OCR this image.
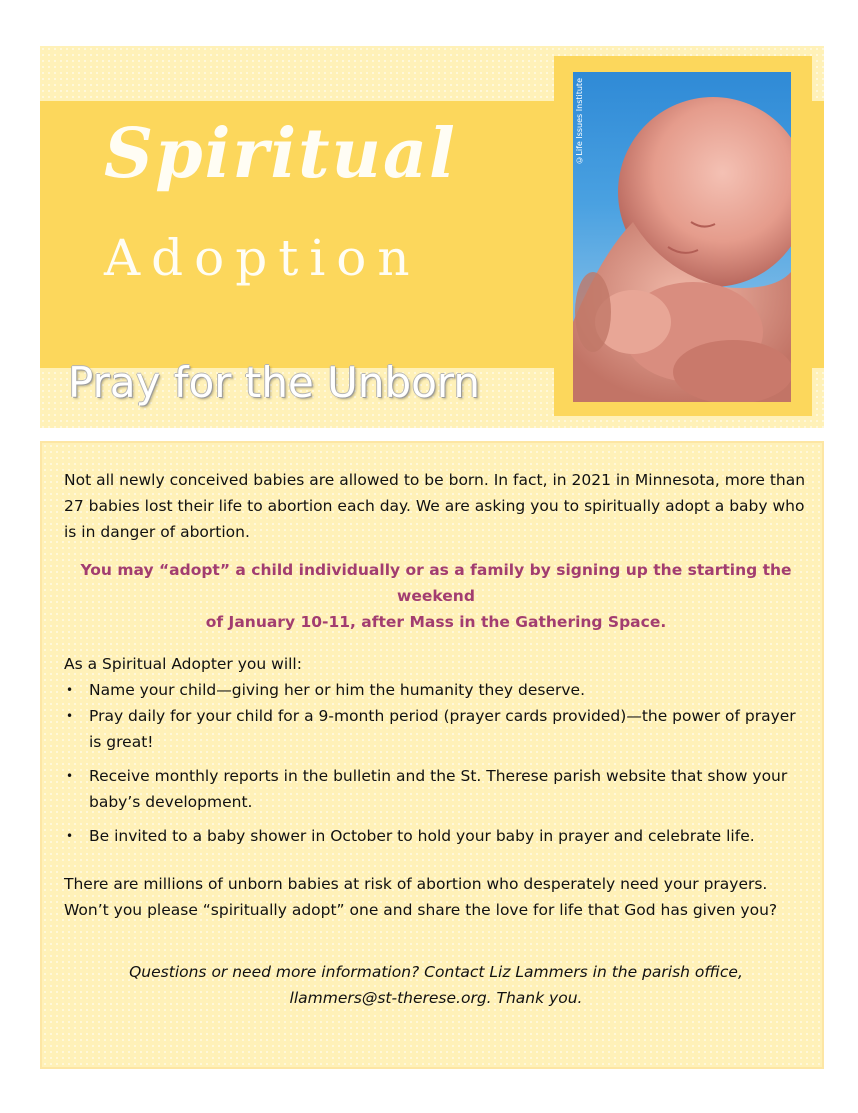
Spiritual
Adoption
Pray for the Unborn
©Life Issues Institute

Not all newly conceived babies are allowed to be born. In fact, in 2021 in Minnesota, more than 27 babies lost their life to abortion each day. We are asking you to spiritually adopt a baby who is in danger of abortion.

You may “adopt” a child individually or as a family by signing up the starting the weekend
of January 10-11, after Mass in the Gathering Space.

As a Spiritual Adopter you will:

• Name your child—giving her or him the humanity they deserve.
• Pray daily for your child for a 9-month period (prayer cards provided)—the power of prayer is great!
• Receive monthly reports in the bulletin and the St. Therese parish website that show your baby’s development.
• Be invited to a baby shower in October to hold your baby in prayer and celebrate life.

There are millions of unborn babies at risk of abortion who desperately need your prayers. Won’t you please “spiritually adopt” one and share the love for life that God has given you?

Questions or need more information? Contact Liz Lammers in the parish office,
llammers@st-therese.org. Thank you.
